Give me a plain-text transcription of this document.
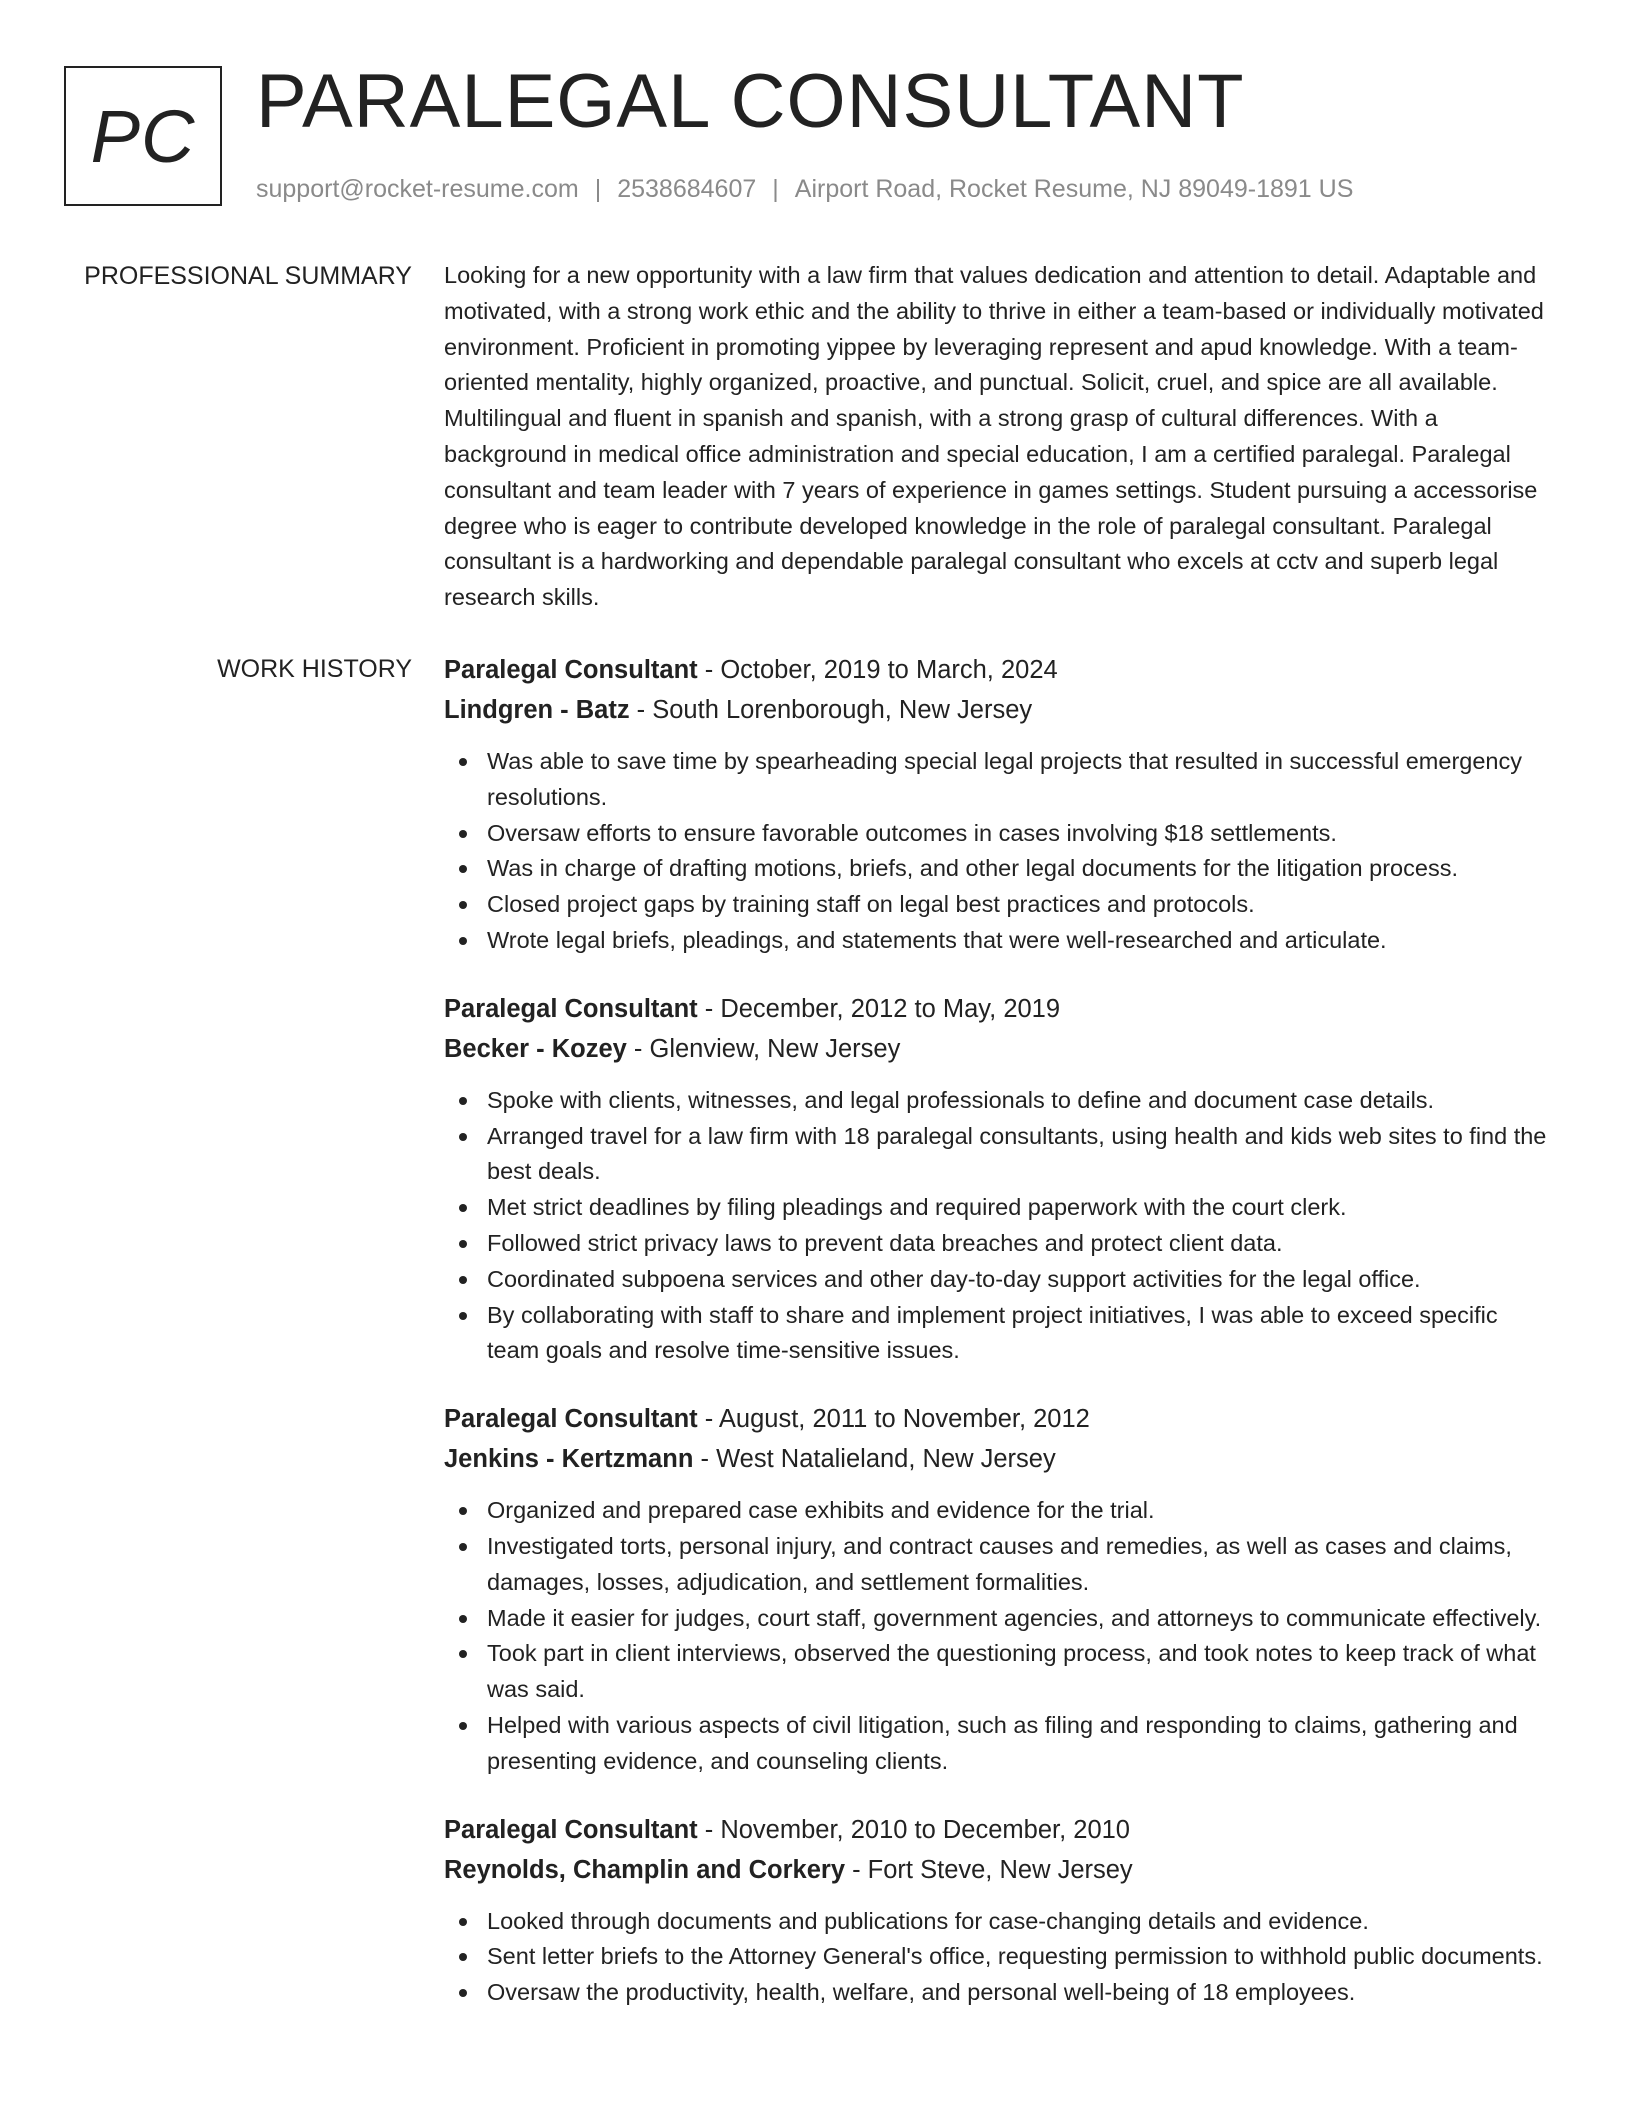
PC PARALEGAL CONSULTANT
support@rocket-resume.com | 2538684607 | Airport Road, Rocket Resume, NJ 89049-1891 US
PROFESSIONAL SUMMARY Looking for a new opportunity with a law firm that values dedication and attention to detail. Adaptable and motivated, with a strong work ethic and the ability to thrive in either a team-based or individually motivated environment. Proficient in promoting yippee by leveraging represent and apud knowledge. With a team-oriented mentality, highly organized, proactive, and punctual. Solicit, cruel, and spice are all available. Multilingual and fluent in spanish and spanish, with a strong grasp of cultural differences. With a background in medical office administration and special education, I am a certified paralegal. Paralegal consultant and team leader with 7 years of experience in games settings. Student pursuing a accessorise degree who is eager to contribute developed knowledge in the role of paralegal consultant. Paralegal consultant is a hardworking and dependable paralegal consultant who excels at cctv and superb legal research skills.
WORK HISTORY Paralegal Consultant - October, 2019 to March, 2024
Lindgren - Batz - South Lorenborough, New Jersey
Was able to save time by spearheading special legal projects that resulted in successful emergency resolutions.
Oversaw efforts to ensure favorable outcomes in cases involving $18 settlements.
Was in charge of drafting motions, briefs, and other legal documents for the litigation process.
Closed project gaps by training staff on legal best practices and protocols.
Wrote legal briefs, pleadings, and statements that were well-researched and articulate.
Paralegal Consultant - December, 2012 to May, 2019
Becker - Kozey - Glenview, New Jersey
Spoke with clients, witnesses, and legal professionals to define and document case details.
Arranged travel for a law firm with 18 paralegal consultants, using health and kids web sites to find the best deals.
Met strict deadlines by filing pleadings and required paperwork with the court clerk.
Followed strict privacy laws to prevent data breaches and protect client data.
Coordinated subpoena services and other day-to-day support activities for the legal office.
By collaborating with staff to share and implement project initiatives, I was able to exceed specific team goals and resolve time-sensitive issues.
Paralegal Consultant - August, 2011 to November, 2012
Jenkins - Kertzmann - West Natalieland, New Jersey
Organized and prepared case exhibits and evidence for the trial.
Investigated torts, personal injury, and contract causes and remedies, as well as cases and claims, damages, losses, adjudication, and settlement formalities.
Made it easier for judges, court staff, government agencies, and attorneys to communicate effectively.
Took part in client interviews, observed the questioning process, and took notes to keep track of what was said.
Helped with various aspects of civil litigation, such as filing and responding to claims, gathering and presenting evidence, and counseling clients.
Paralegal Consultant - November, 2010 to December, 2010
Reynolds, Champlin and Corkery - Fort Steve, New Jersey
Looked through documents and publications for case-changing details and evidence.
Sent letter briefs to the Attorney General's office, requesting permission to withhold public documents.
Oversaw the productivity, health, welfare, and personal well-being of 18 employees.
